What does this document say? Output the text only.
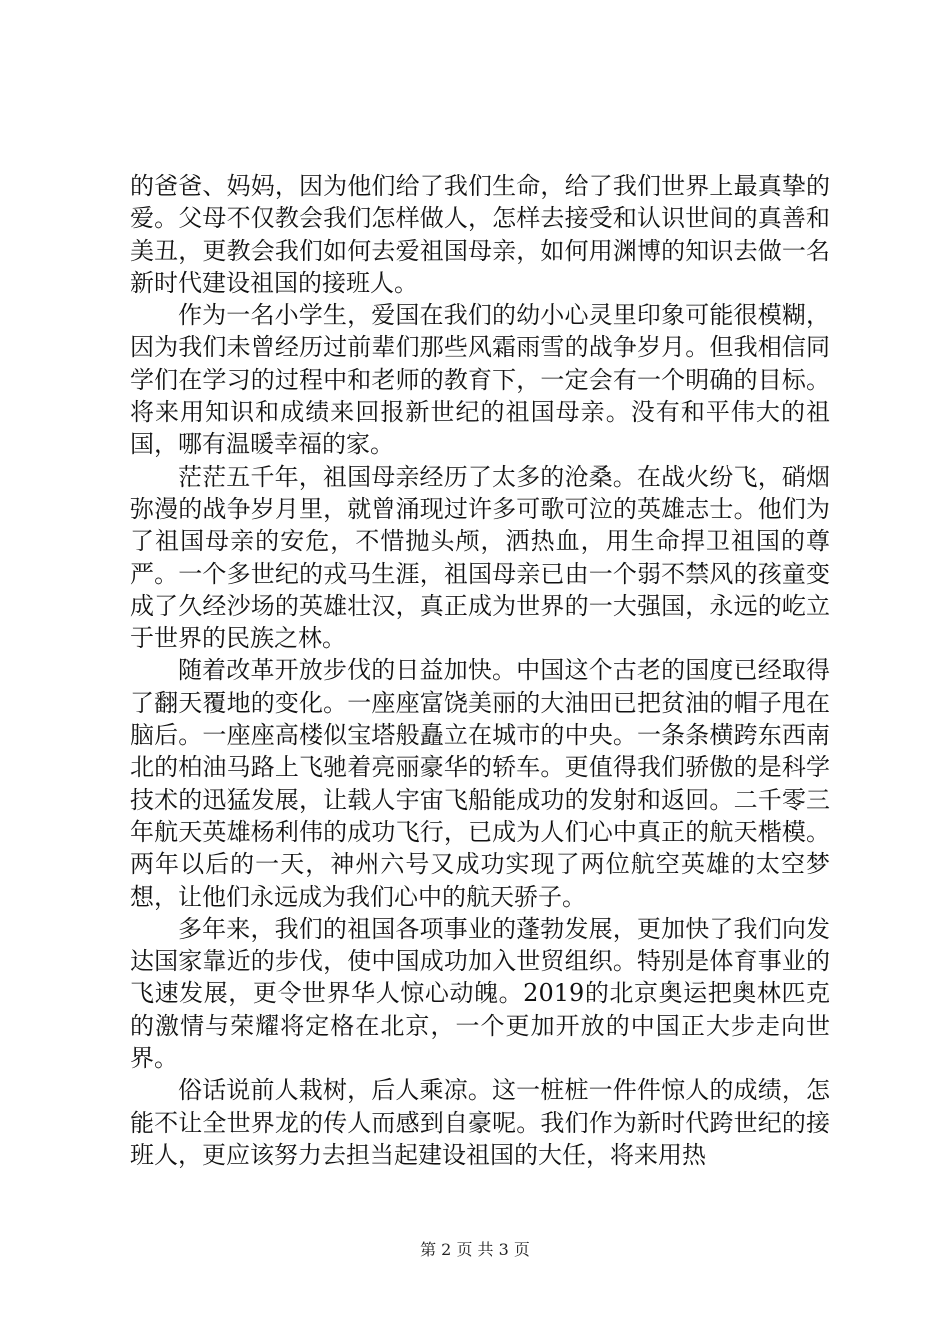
的爸爸、妈妈，因为他们给了我们生命，给了我们世界上最真挚的爱。父母不仅教会我们怎样做人，怎样去接受和认识世间的真善和美丑，更教会我们如何去爱祖国母亲，如何用渊博的知识去做一名新时代建设祖国的接班人。

作为一名小学生，爱国在我们的幼小心灵里印象可能很模糊，因为我们未曾经历过前辈们那些风霜雨雪的战争岁月。但我相信同学们在学习的过程中和老师的教育下，一定会有一个明确的目标。将来用知识和成绩来回报新世纪的祖国母亲。没有和平伟大的祖国，哪有温暖幸福的家。

茫茫五千年，祖国母亲经历了太多的沧桑。在战火纷飞，硝烟弥漫的战争岁月里，就曾涌现过许多可歌可泣的英雄志士。他们为了祖国母亲的安危，不惜抛头颅，洒热血，用生命捍卫祖国的尊严。一个多世纪的戎马生涯，祖国母亲已由一个弱不禁风的孩童变成了久经沙场的英雄壮汉，真正成为世界的一大强国，永远的屹立于世界的民族之林。

随着改革开放步伐的日益加快。中国这个古老的国度已经取得了翻天覆地的变化。一座座富饶美丽的大油田已把贫油的帽子甩在脑后。一座座高楼似宝塔般矗立在城市的中央。一条条横跨东西南北的柏油马路上飞驰着亮丽豪华的轿车。更值得我们骄傲的是科学技术的迅猛发展，让载人宇宙飞船能成功的发射和返回。二千零三年航天英雄杨利伟的成功飞行，已成为人们心中真正的航天楷模。两年以后的一天，神州六号又成功实现了两位航空英雄的太空梦想，让他们永远成为我们心中的航天骄子。

多年来，我们的祖国各项事业的蓬勃发展，更加快了我们向发达国家靠近的步伐，使中国成功加入世贸组织。特别是体育事业的飞速发展，更令世界华人惊心动魄。2019的北京奥运把奥林匹克的激情与荣耀将定格在北京，一个更加开放的中国正大步走向世界。

俗话说前人栽树，后人乘凉。这一桩桩一件件惊人的成绩，怎能不让全世界龙的传人而感到自豪呢。我们作为新时代跨世纪的接班人，更应该努力去担当起建设祖国的大任，将来用热

第 2 页 共 3 页
